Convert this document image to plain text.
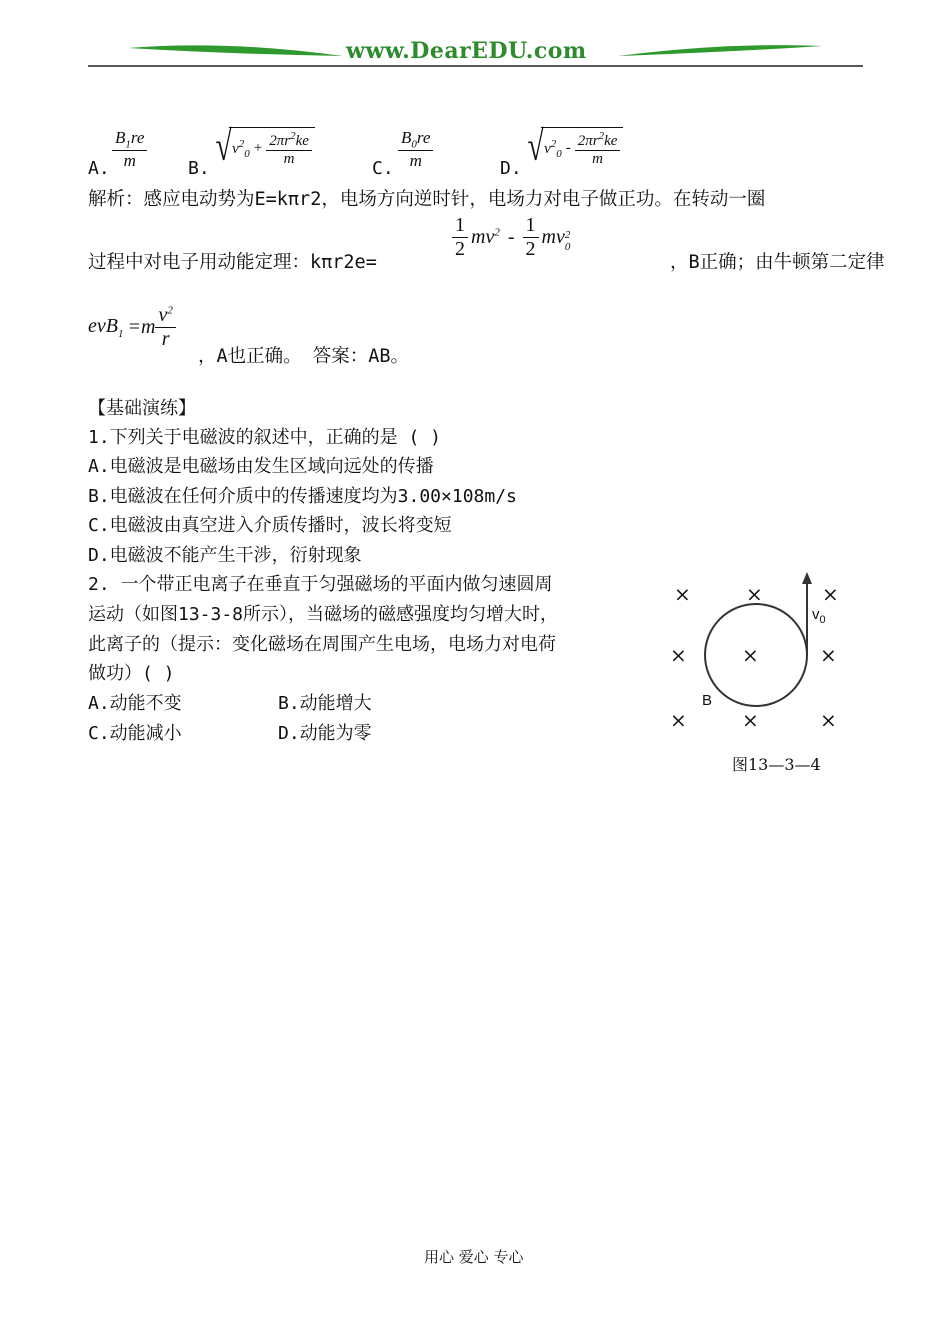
www.DearEDU.com
A. $\frac{B_1re}{m} B$. √ $v^2_0 + \frac{2\pi r^2ke}{m}$
C. $\frac{B_0re}{m}$	D. √ $v^2_0 - \frac{2\pi r^2ke}{m}$
解析：感应电动势为E=kπr2，电场方向逆时针，电场力对电子做正功。在转动一圈
过程中对电子用动能定理：kπr2e=
$\frac{1}{2} mv^2 - \frac{1}{2}$ mv 2
0
，B正确；由牛顿第二定律
$evB_1 =m \frac{v^2}{r}$
，A也正确。 答案：AB。
【基础演练】
1.下列关于电磁波的叙述中，正确的是 ( )
A.电磁波是电磁场由发生区域向远处的传播
B.电磁波在任何介质中的传播速度均为3.00×108m/s
C.电磁波由真空进入介质传播时，波长将变短
D.电磁波不能产生干涉，衍射现象
2. 一个带正电离子在垂直于匀强磁场的平面内做匀速圆周
运动（如图13-3-8所示），当磁场的磁感强度均匀增大时，
此离子的（提示：变化磁场在周围产生电场，电场力对电荷
做功）( )
A.动能不变	B.动能增大
C.动能减小	D.动能为零
×	×	×
×	×	×
×	×	×
B
$v_0$
图13—3—4
用心 爱心 专心
